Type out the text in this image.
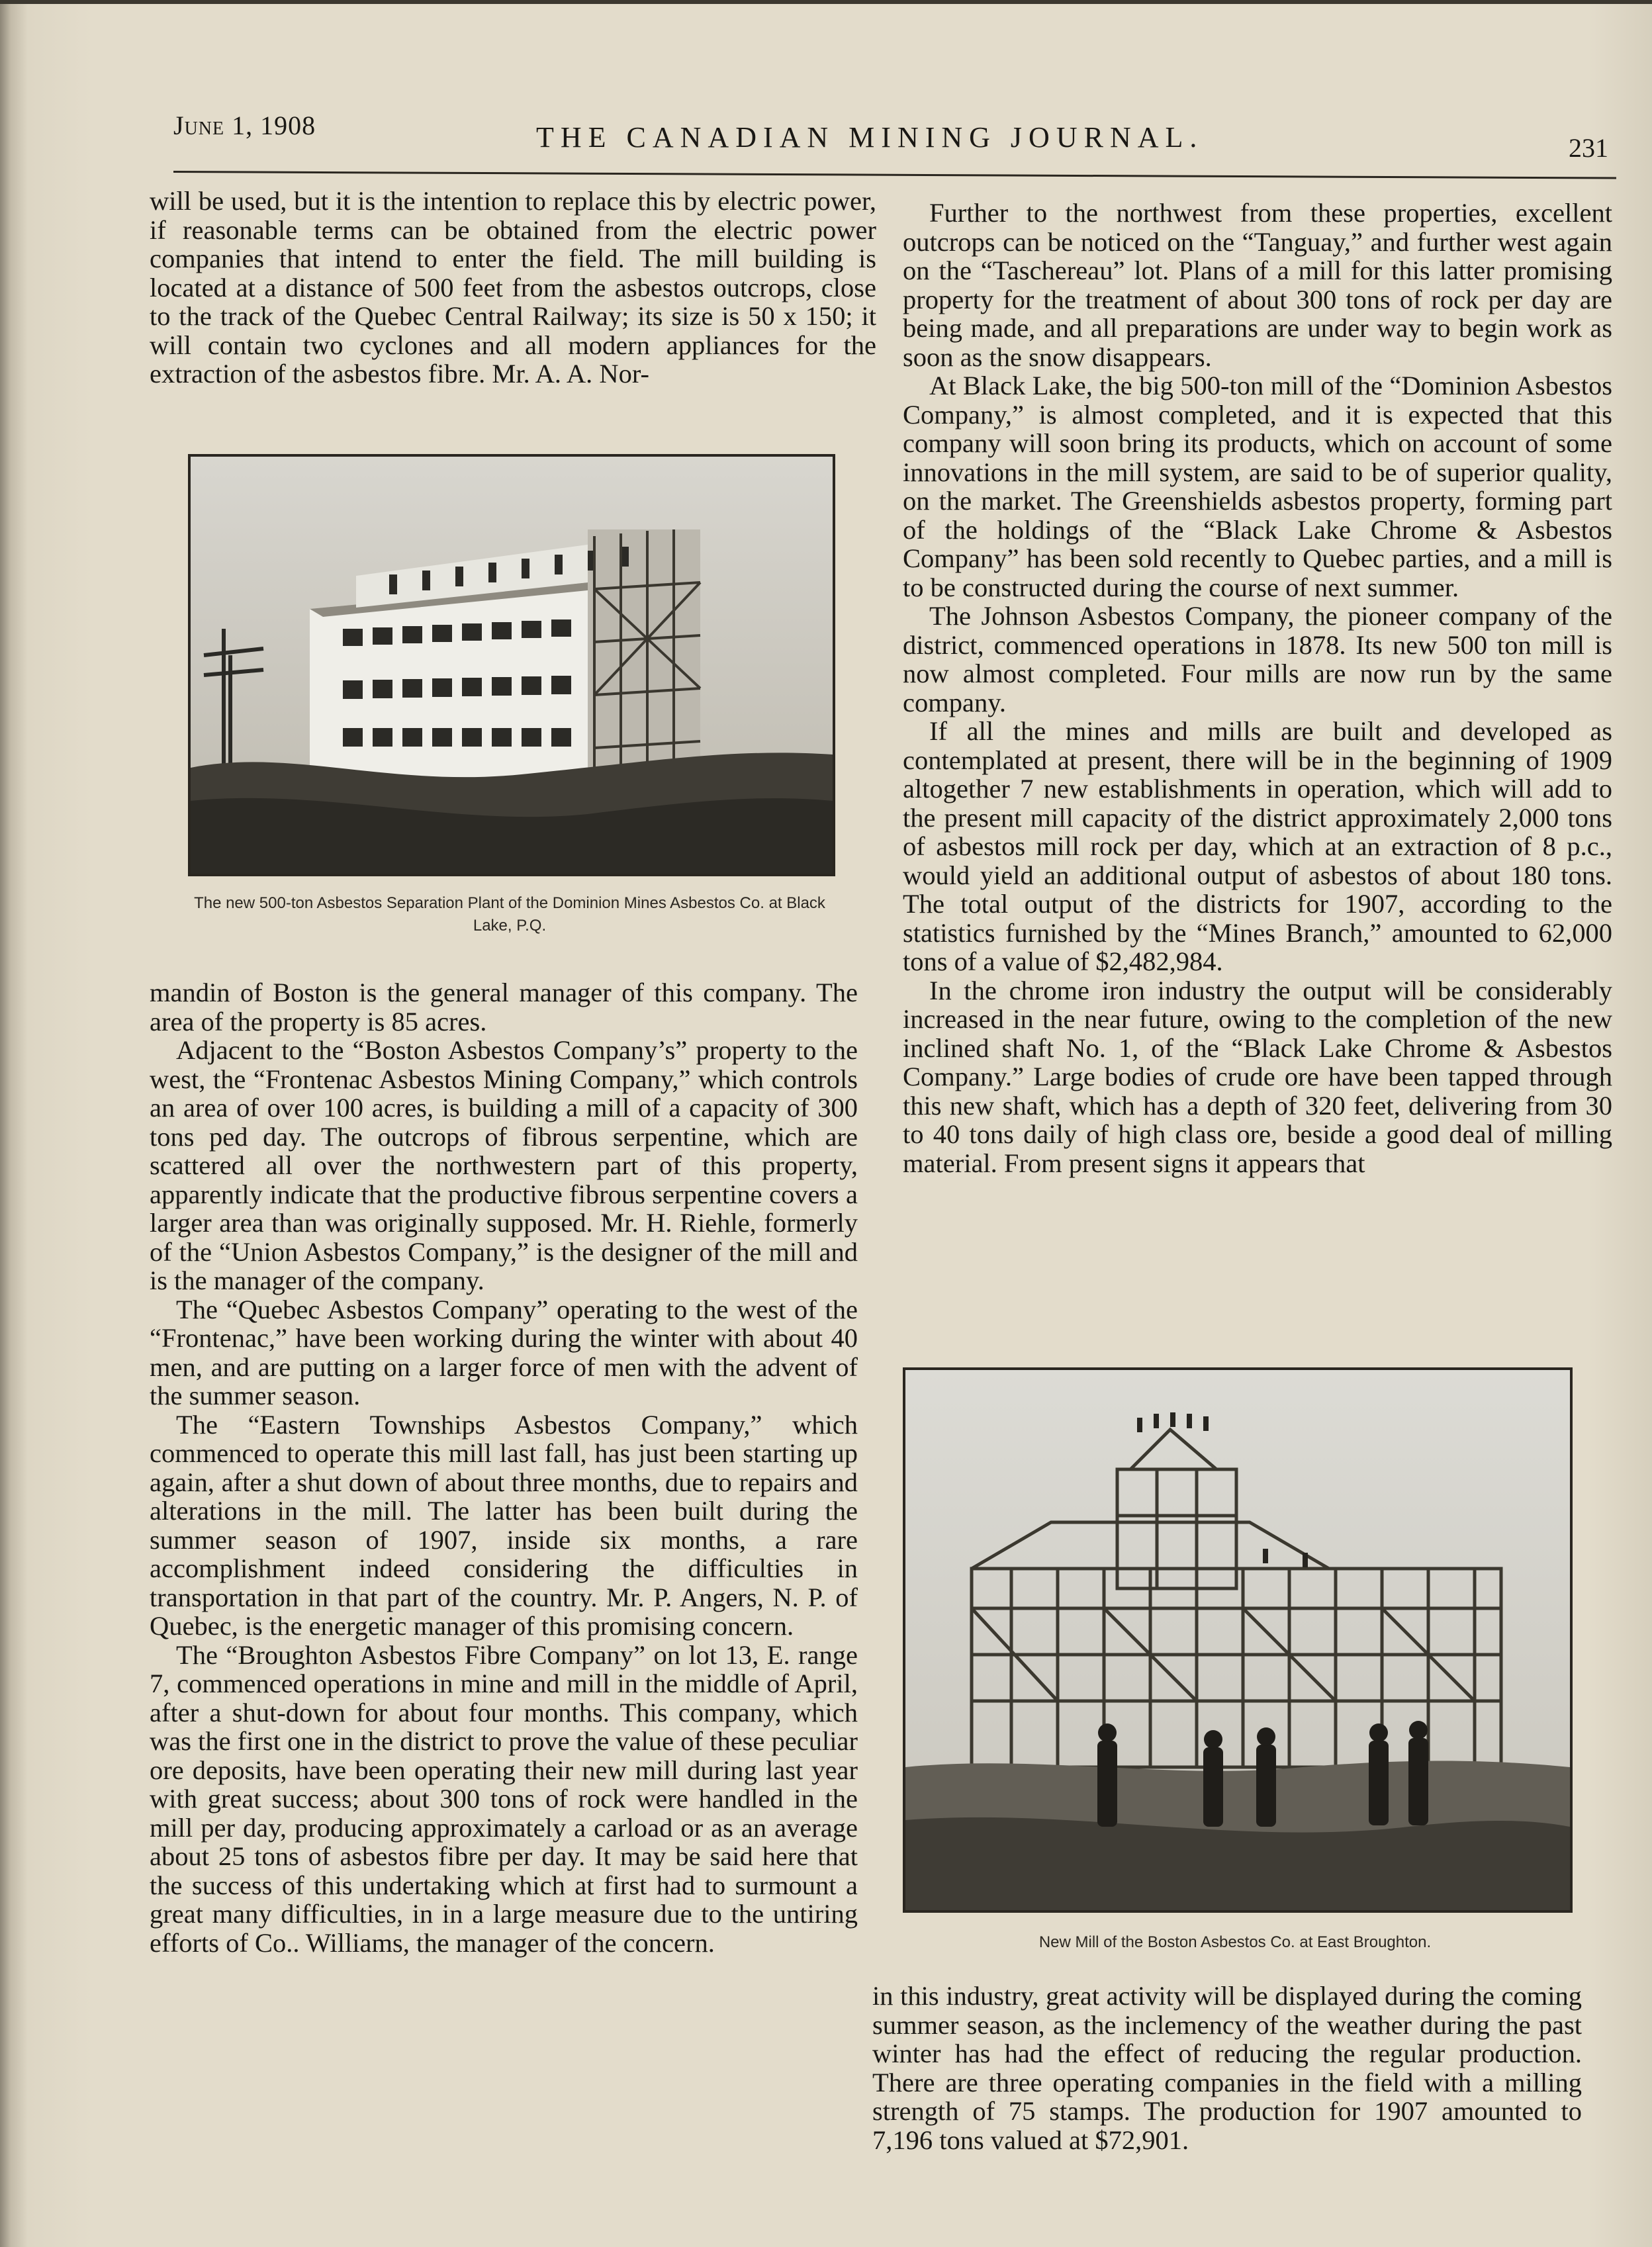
June 1, 1908	THE CANADIAN MINING JOURNAL.	231

will be used, but it is the intention to replace this by electric power, if reasonable terms can be obtained from the electric power companies that intend to enter the field. The mill building is located at a distance of 500 feet from the asbestos outcrops, close to the track of the Quebec Central Railway; its size is 50 x 150; it will contain two cyclones and all modern appliances for the extraction of the asbestos fibre. Mr. A. A. Nor-

The new 500-ton Asbestos Separation Plant of the Dominion Mines Asbestos Co. at Black Lake, P.Q.

mandin of Boston is the general manager of this company. The area of the property is 85 acres.

Adjacent to the “Boston Asbestos Company’s” property to the west, the “Frontenac Asbestos Mining Company,” which controls an area of over 100 acres, is building a mill of a capacity of 300 tons ped day. The outcrops of fibrous serpentine, which are scattered all over the northwestern part of this property, apparently indicate that the productive fibrous serpentine covers a larger area than was originally supposed. Mr. H. Riehle, formerly of the “Union Asbestos Company,” is the designer of the mill and is the manager of the company.

The “Quebec Asbestos Company” operating to the west of the “Frontenac,” have been working during the winter with about 40 men, and are putting on a larger force of men with the advent of the summer season.

The “Eastern Townships Asbestos Company,” which commenced to operate this mill last fall, has just been starting up again, after a shut down of about three months, due to repairs and alterations in the mill. The latter has been built during the summer season of 1907, inside six months, a rare accomplishment indeed considering the difficulties in transportation in that part of the country. Mr. P. Angers, N. P. of Quebec, is the energetic manager of this promising concern.

The “Broughton Asbestos Fibre Company” on lot 13, E. range 7, commenced operations in mine and mill in the middle of April, after a shut-down for about four months. This company, which was the first one in the district to prove the value of these peculiar ore deposits, have been operating their new mill during last year with great success; about 300 tons of rock were handled in the mill per day, producing approximately a carload or as an average about 25 tons of asbestos fibre per day. It may be said here that the success of this undertaking which at first had to surmount a great many difficulties, in in a large measure due to the untiring efforts of Co.. Williams, the manager of the concern.

Further to the northwest from these properties, excellent outcrops can be noticed on the “Tanguay,” and further west again on the “Taschereau” lot. Plans of a mill for this latter promising property for the treatment of about 300 tons of rock per day are being made, and all preparations are under way to begin work as soon as the snow disappears.

At Black Lake, the big 500-ton mill of the “Dominion Asbestos Company,” is almost completed, and it is expected that this company will soon bring its products, which on account of some innovations in the mill system, are said to be of superior quality, on the market. The Greenshields asbestos property, forming part of the holdings of the “Black Lake Chrome & Asbestos Company” has been sold recently to Quebec parties, and a mill is to be constructed during the course of next summer.

The Johnson Asbestos Company, the pioneer company of the district, commenced operations in 1878. Its new 500 ton mill is now almost completed. Four mills are now run by the same company.

If all the mines and mills are built and developed as contemplated at present, there will be in the beginning of 1909 altogether 7 new establishments in operation, which will add to the present mill capacity of the district approximately 2,000 tons of asbestos mill rock per day, which at an extraction of 8 p.c., would yield an additional output of asbestos of about 180 tons. The total output of the districts for 1907, according to the statistics furnished by the “Mines Branch,” amounted to 62,000 tons of a value of $2,482,984.

In the chrome iron industry the output will be considerably increased in the near future, owing to the completion of the new inclined shaft No. 1, of the “Black Lake Chrome & Asbestos Company.” Large bodies of crude ore have been tapped through this new shaft, which has a depth of 320 feet, delivering from 30 to 40 tons daily of high class ore, beside a good deal of milling material. From present signs it appears that

New Mill of the Boston Asbestos Co. at East Broughton.

in this industry, great activity will be displayed during the coming summer season, as the inclemency of the weather during the past winter has had the effect of reducing the regular production. There are three operating companies in the field with a milling strength of 75 stamps. The production for 1907 amounted to 7,196 tons valued at $72,901.
